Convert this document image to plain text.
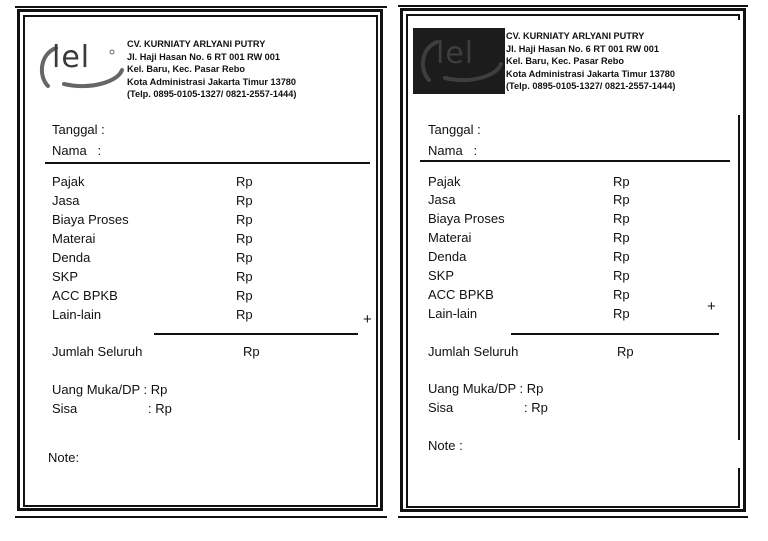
lel	CV. KURNIATY ARLYANI PUTRY
Jl. Haji Hasan No. 6 RT 001 RW 001
Kel. Baru, Kec. Pasar Rebo
Kota Administrasi Jakarta Timur 13780
(Telp. 0895-0105-1327/ 0821-2557-1444)
Tanggal :
Nama   :
Pajak	Rp
Jasa	Rp
Biaya Proses	Rp
Materai	Rp
Denda	Rp
SKP	Rp
ACC BPKB	Rp
Lain-lain	Rp	+
Jumlah Seluruh	Rp
Uang Muka/DP : Rp
Sisa	: Rp
Note:
lel	CV. KURNIATY ARLYANI PUTRY
Jl. Haji Hasan No. 6 RT 001 RW 001
Kel. Baru, Kec. Pasar Rebo
Kota Administrasi Jakarta Timur 13780
(Telp. 0895-0105-1327/ 0821-2557-1444)
Tanggal :
Nama   :
Pajak	Rp
Jasa	Rp
Biaya Proses	Rp
Materai	Rp
Denda	Rp
SKP	Rp
ACC BPKB	Rp
Lain-lain	Rp	+
Jumlah Seluruh	Rp
Uang Muka/DP : Rp
Sisa	: Rp
Note :
